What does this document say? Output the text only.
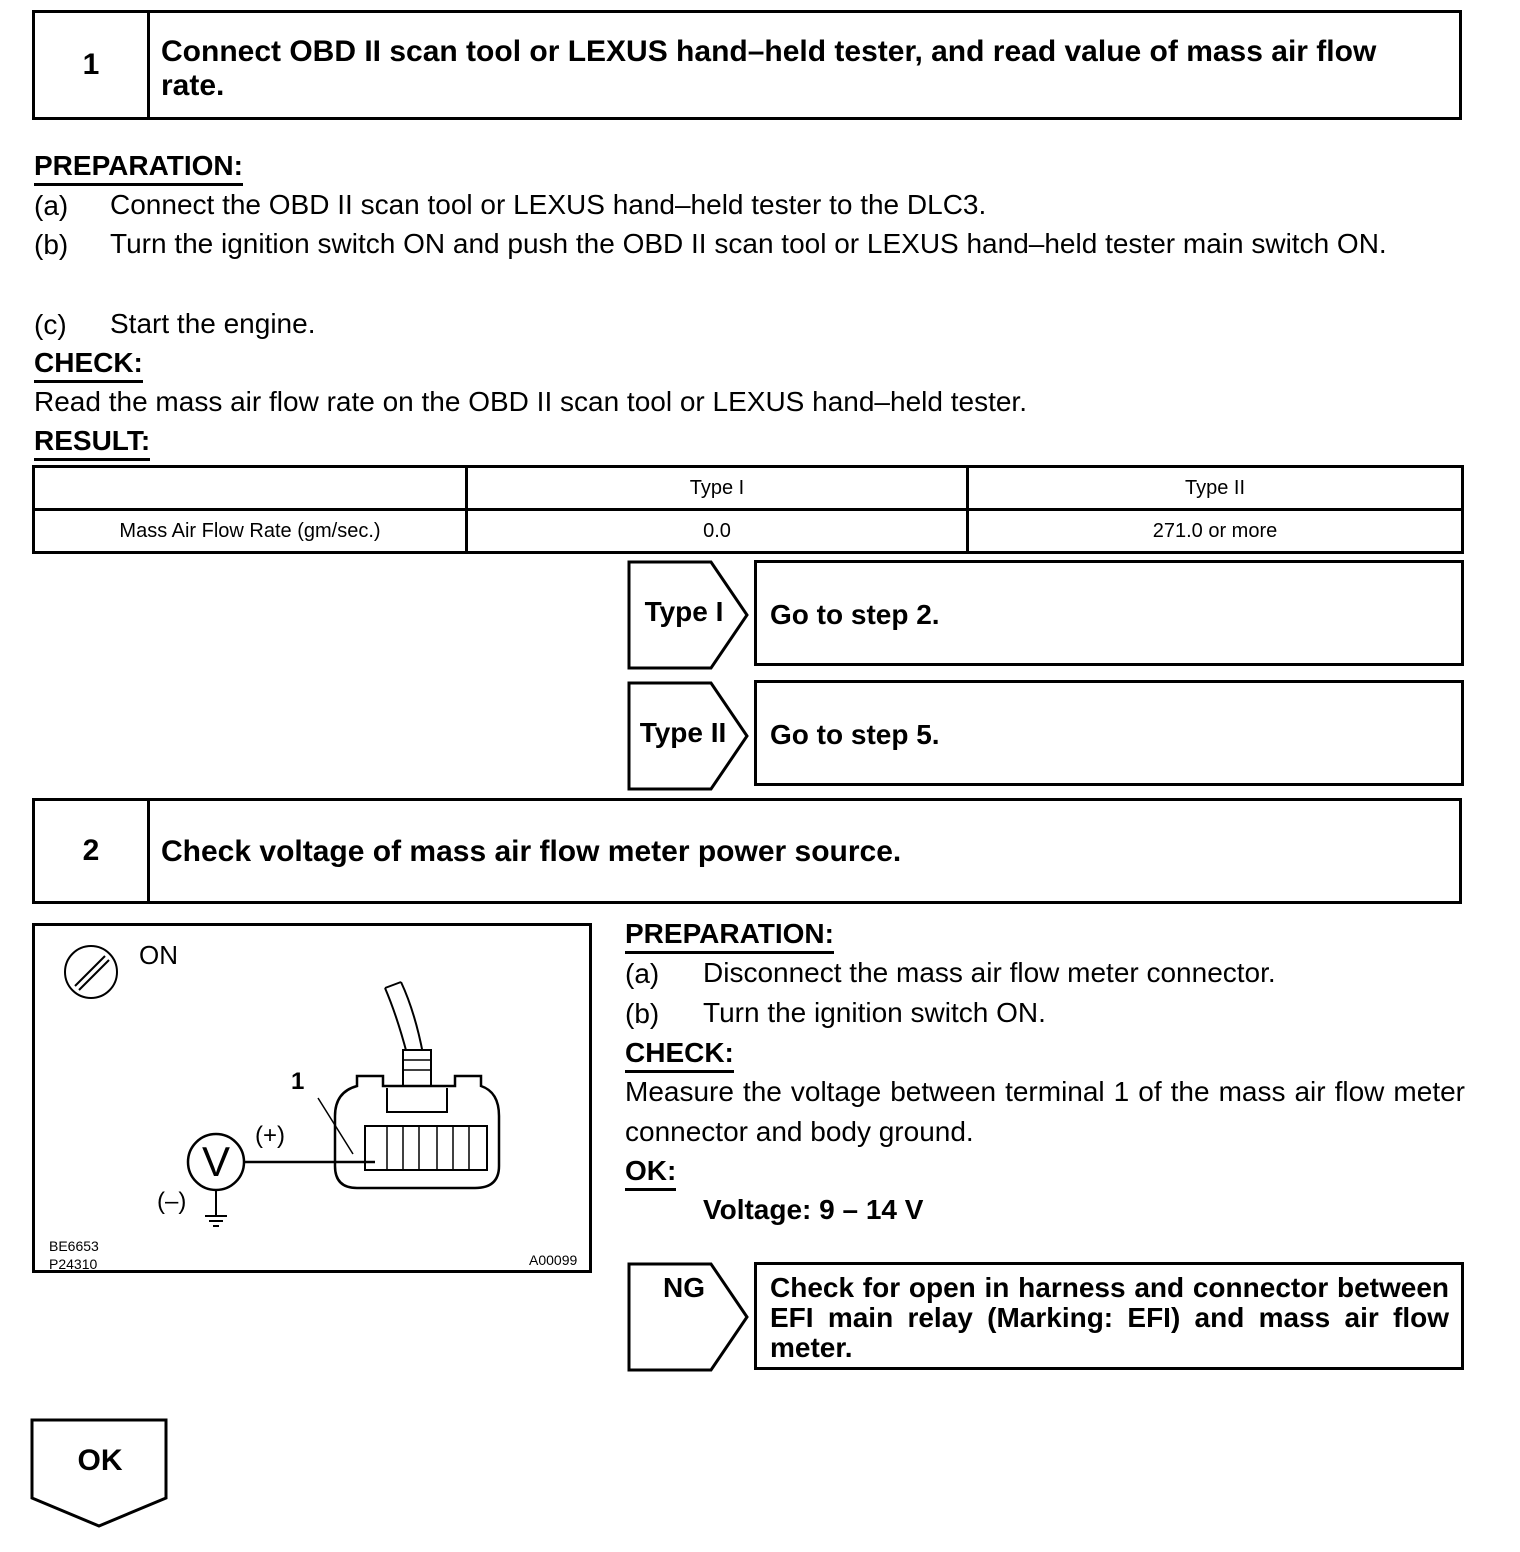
1	Connect OBD II scan tool or LEXUS hand–held tester, and read value of mass air flow rate.
PREPARATION:
(a) Connect the OBD II scan tool or LEXUS hand–held tester to the DLC3.
(b) Turn the ignition switch ON and push the OBD II scan tool or LEXUS hand–held tester main switch ON.
(c) Start the engine.
CHECK:
Read the mass air flow rate on the OBD II scan tool or LEXUS hand–held tester.
RESULT:
	Type I	Type II
Mass Air Flow Rate (gm/sec.)	0.0	271.0 or more
Type I	Go to step 2.
Type II	Go to step 5.
2	Check voltage of mass air flow meter power source.
ON
1
(+)
(–)
V
BE6653
P24310	A00099
PREPARATION:
(a) Disconnect the mass air flow meter connector.
(b) Turn the ignition switch ON.
CHECK:
Measure the voltage between terminal 1 of the mass air flow meter connector and body ground.
OK:
Voltage: 9 – 14 V
NG	Check for open in harness and connector between EFI main relay (Marking: EFI) and mass air flow meter.
OK
